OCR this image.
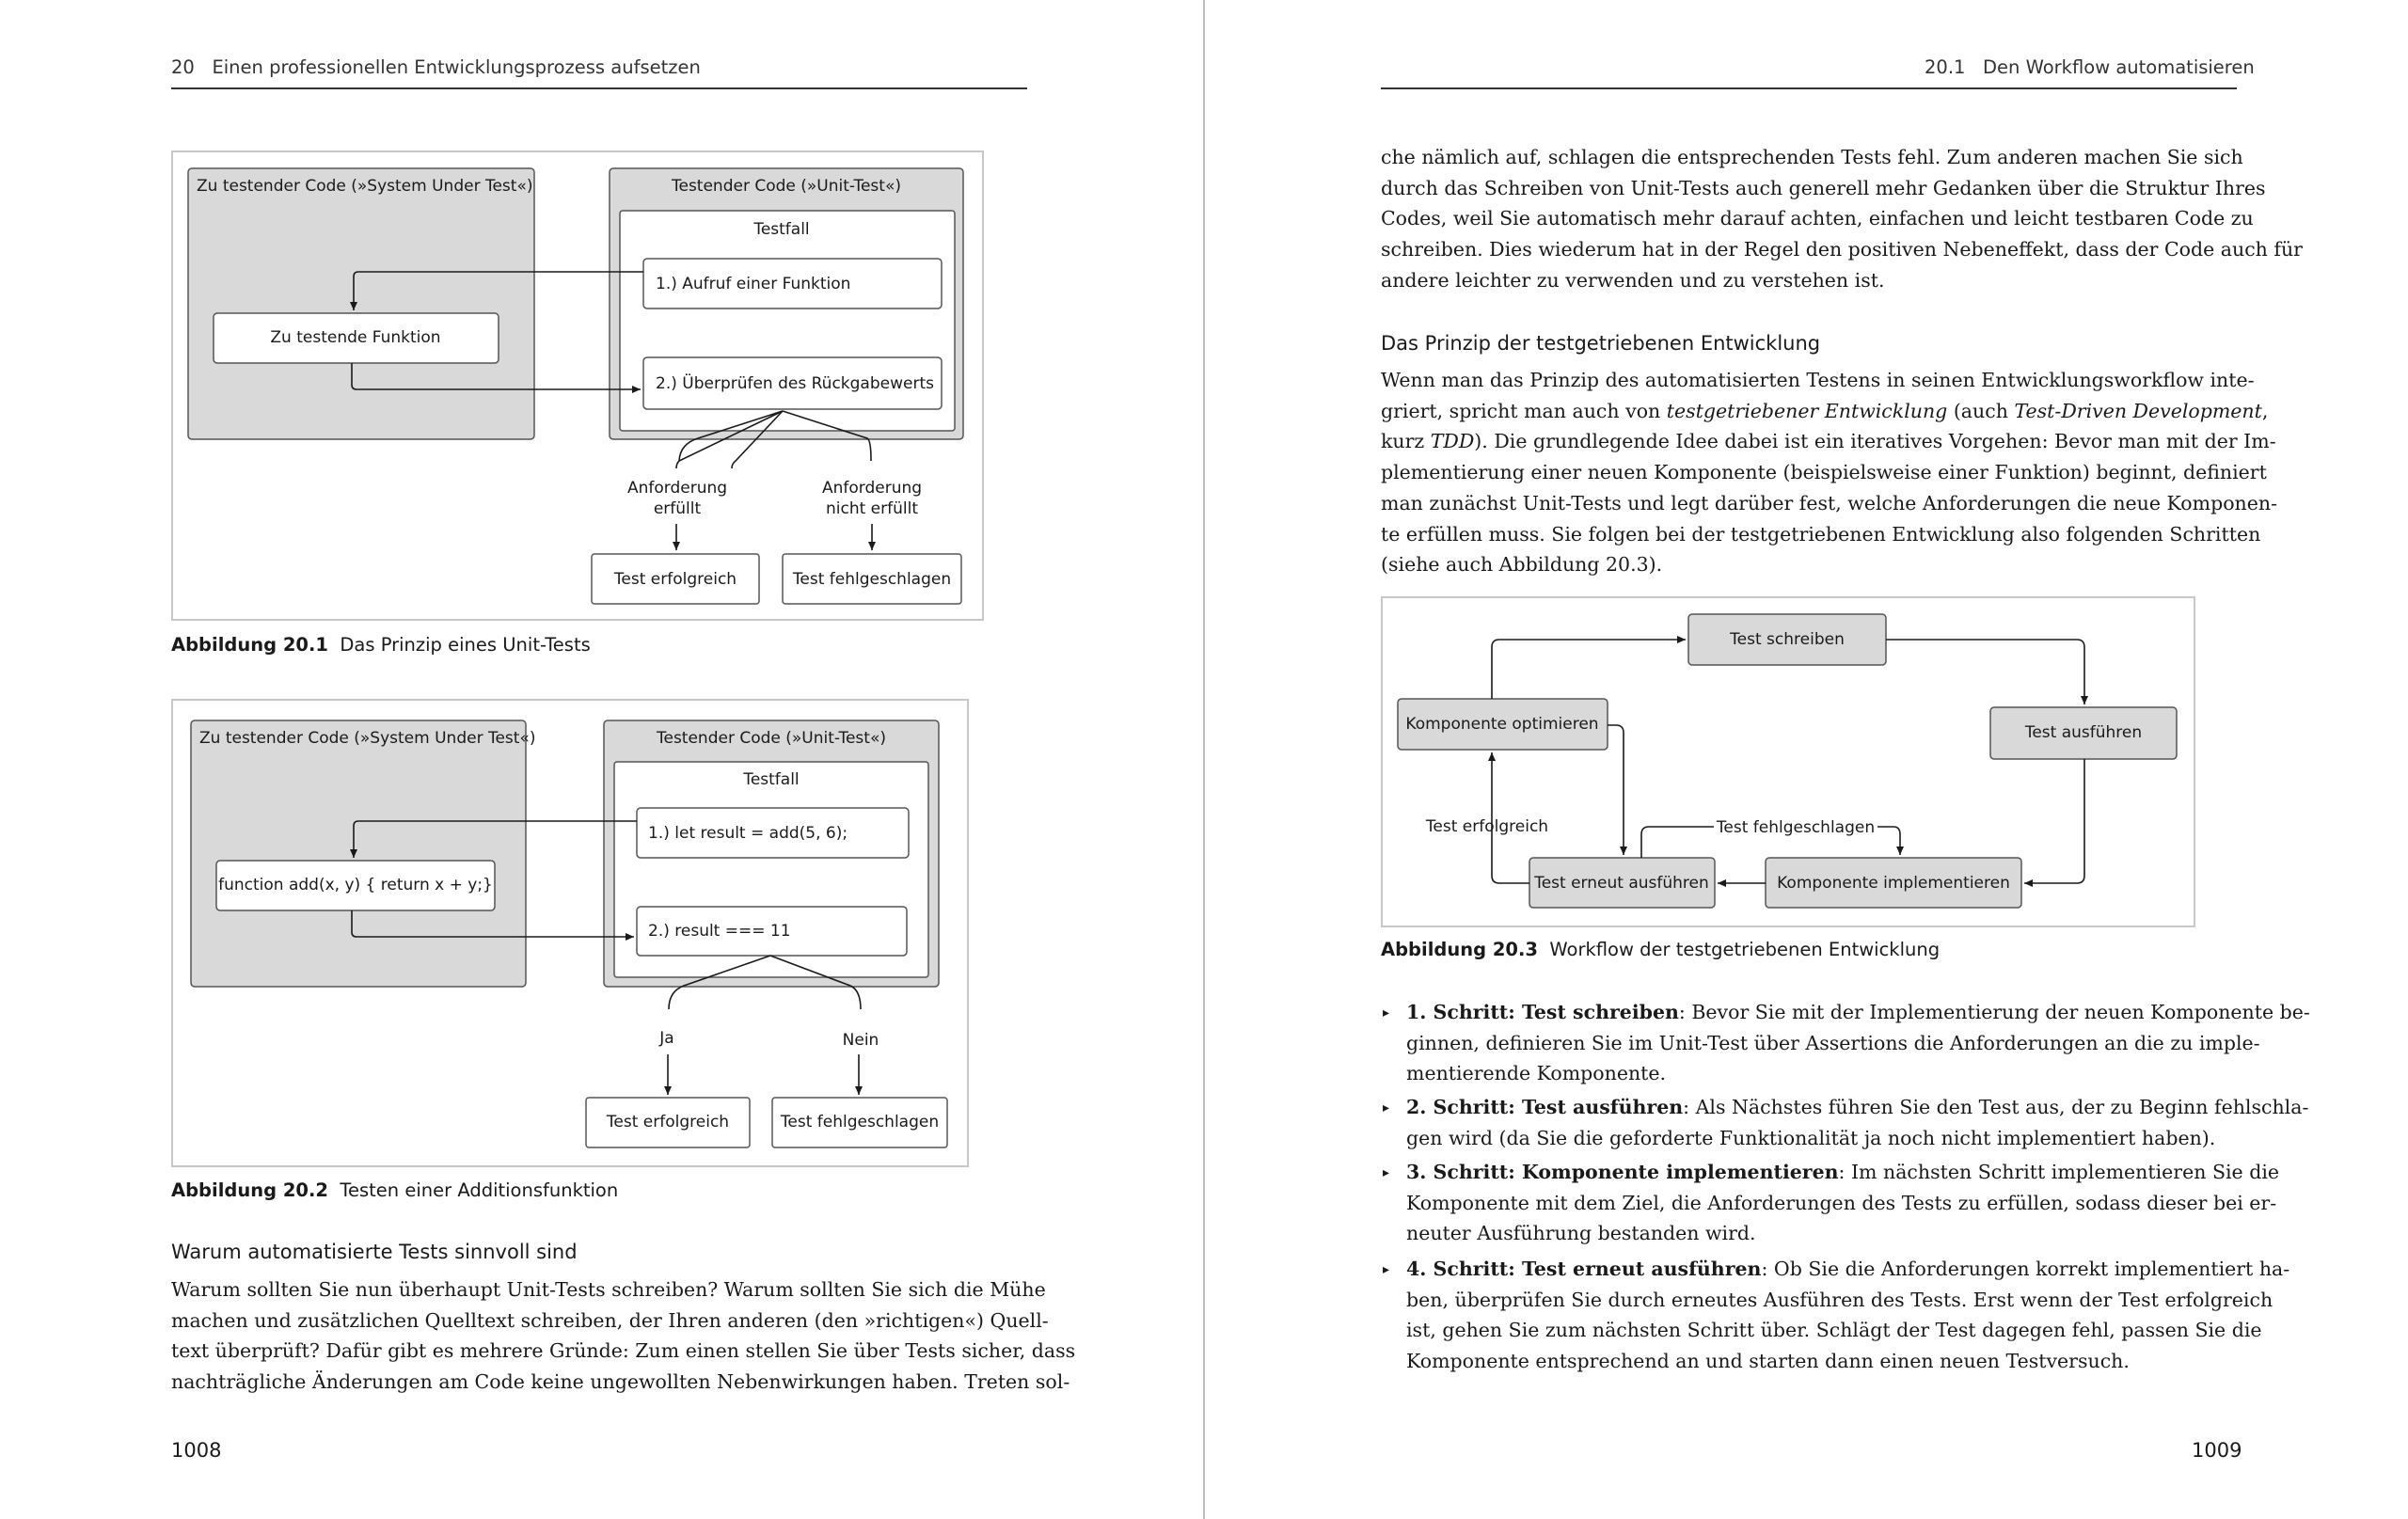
20 Einen professionellen Entwicklungsprozess aufsetzen
Zu testender Code (»System Under Test«)	Testender Code (»Unit-Test«)
Testfall
1.) Aufruf einer Funktion
2.) Überprüfen des Rückgabewerts
Zu testende Funktion
Anforderung
erfüllt
Anforderung
nicht erfüllt
Test erfolgreich	Test fehlgeschlagen
Abbildung 20.1 Das Prinzip eines Unit-Tests
Zu testender Code (»System Under Test«)	Testender Code (»Unit-Test«)
Testfall
1.) let result = add(5, 6);
2.) result === 11
function add(x, y) { return x + y;}
Ja	Nein
Test erfolgreich	Test fehlgeschlagen
Abbildung 20.2 Testen einer Additionsfunktion
Warum automatisierte Tests sinnvoll sind
Warum sollten Sie nun überhaupt Unit-Tests schreiben? Warum sollten Sie sich die Mühe
machen und zusätzlichen Quelltext schreiben, der Ihren anderen (den »richtigen«) Quell-
text überprüft? Dafür gibt es mehrere Gründe: Zum einen stellen Sie über Tests sicher, dass
nachträgliche Änderungen am Code keine ungewollten Nebenwirkungen haben. Treten sol-
1008
20.1 Den Workflow automatisieren
che nämlich auf, schlagen die entsprechenden Tests fehl. Zum anderen machen Sie sich
durch das Schreiben von Unit-Tests auch generell mehr Gedanken über die Struktur Ihres
Codes, weil Sie automatisch mehr darauf achten, einfachen und leicht testbaren Code zu
schreiben. Dies wiederum hat in der Regel den positiven Nebeneffekt, dass der Code auch für
andere leichter zu verwenden und zu verstehen ist.
Das Prinzip der testgetriebenen Entwicklung
Wenn man das Prinzip des automatisierten Testens in seinen Entwicklungsworkflow inte-
griert, spricht man auch von testgetriebener Entwicklung (auch Test-Driven Development,
kurz TDD). Die grundlegende Idee dabei ist ein iteratives Vorgehen: Bevor man mit der Im-
plementierung einer neuen Komponente (beispielsweise einer Funktion) beginnt, definiert
man zunächst Unit-Tests und legt darüber fest, welche Anforderungen die neue Komponen-
te erfüllen muss. Sie folgen bei der testgetriebenen Entwicklung also folgenden Schritten
(siehe auch Abbildung 20.3).
Test schreiben
Test ausführen
Komponente implementieren
Test erneut ausführen
Komponente optimieren
Test fehlgeschlagen
Test erfolgreich
Abbildung 20.3 Workflow der testgetriebenen Entwicklung
▸ 1. Schritt: Test schreiben: Bevor Sie mit der Implementierung der neuen Komponente be-
ginnen, definieren Sie im Unit-Test über Assertions die Anforderungen an die zu imple-
mentierende Komponente.
▸ 2. Schritt: Test ausführen: Als Nächstes führen Sie den Test aus, der zu Beginn fehlschla-
gen wird (da Sie die geforderte Funktionalität ja noch nicht implementiert haben).
▸ 3. Schritt: Komponente implementieren: Im nächsten Schritt implementieren Sie die
Komponente mit dem Ziel, die Anforderungen des Tests zu erfüllen, sodass dieser bei er-
neuter Ausführung bestanden wird.
▸ 4. Schritt: Test erneut ausführen: Ob Sie die Anforderungen korrekt implementiert ha-
ben, überprüfen Sie durch erneutes Ausführen des Tests. Erst wenn der Test erfolgreich
ist, gehen Sie zum nächsten Schritt über. Schlägt der Test dagegen fehl, passen Sie die
Komponente entsprechend an und starten dann einen neuen Testversuch.
1009
